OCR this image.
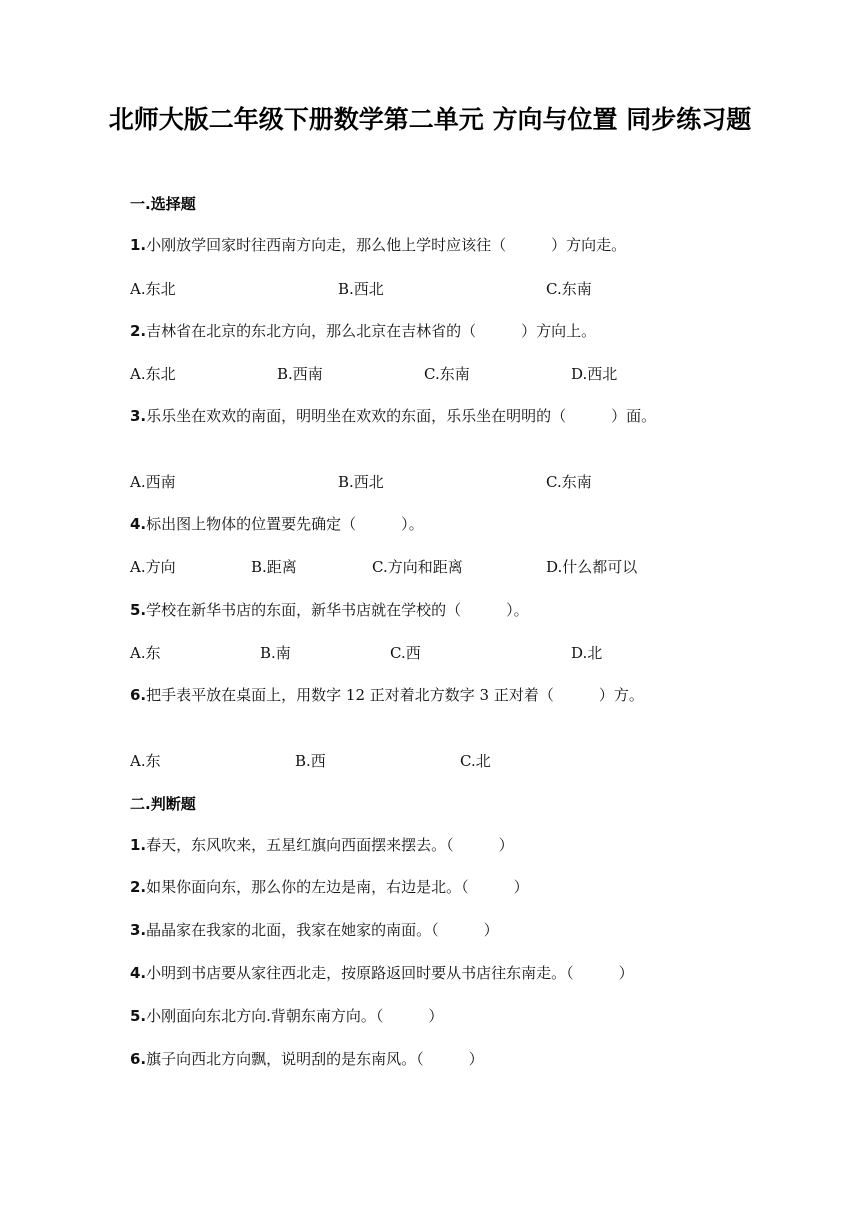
北师大版二年级下册数学第二单元 方向与位置 同步练习题
一.选择题
1.小刚放学回家时往西南方向走，那么他上学时应该往（　　　）方向走。
A.东北	B.西北	C.东南
2.吉林省在北京的东北方向，那么北京在吉林省的（　　　）方向上。
A.东北	B.西南	C.东南	D.西北
3.乐乐坐在欢欢的南面，明明坐在欢欢的东面，乐乐坐在明明的（　　　）面。
A.西南	B.西北	C.东南
4.标出图上物体的位置要先确定（　　　）。
A.方向	B.距离	C.方向和距离	D.什么都可以
5.学校在新华书店的东面，新华书店就在学校的（　　　）。
A.东	B.南	C.西	D.北
6.把手表平放在桌面上，用数字 12 正对着北方数字 3 正对着（　　　）方。
A.东	B.西	C.北
二.判断题
1.春天，东风吹来，五星红旗向西面摆来摆去。（　　　）
2.如果你面向东，那么你的左边是南，右边是北。（　　　）
3.晶晶家在我家的北面，我家在她家的南面。（　　　）
4.小明到书店要从家往西北走，按原路返回时要从书店往东南走。（　　　）
5.小刚面向东北方向.背朝东南方向。（　　　）
6.旗子向西北方向飘，说明刮的是东南风。（　　　）
